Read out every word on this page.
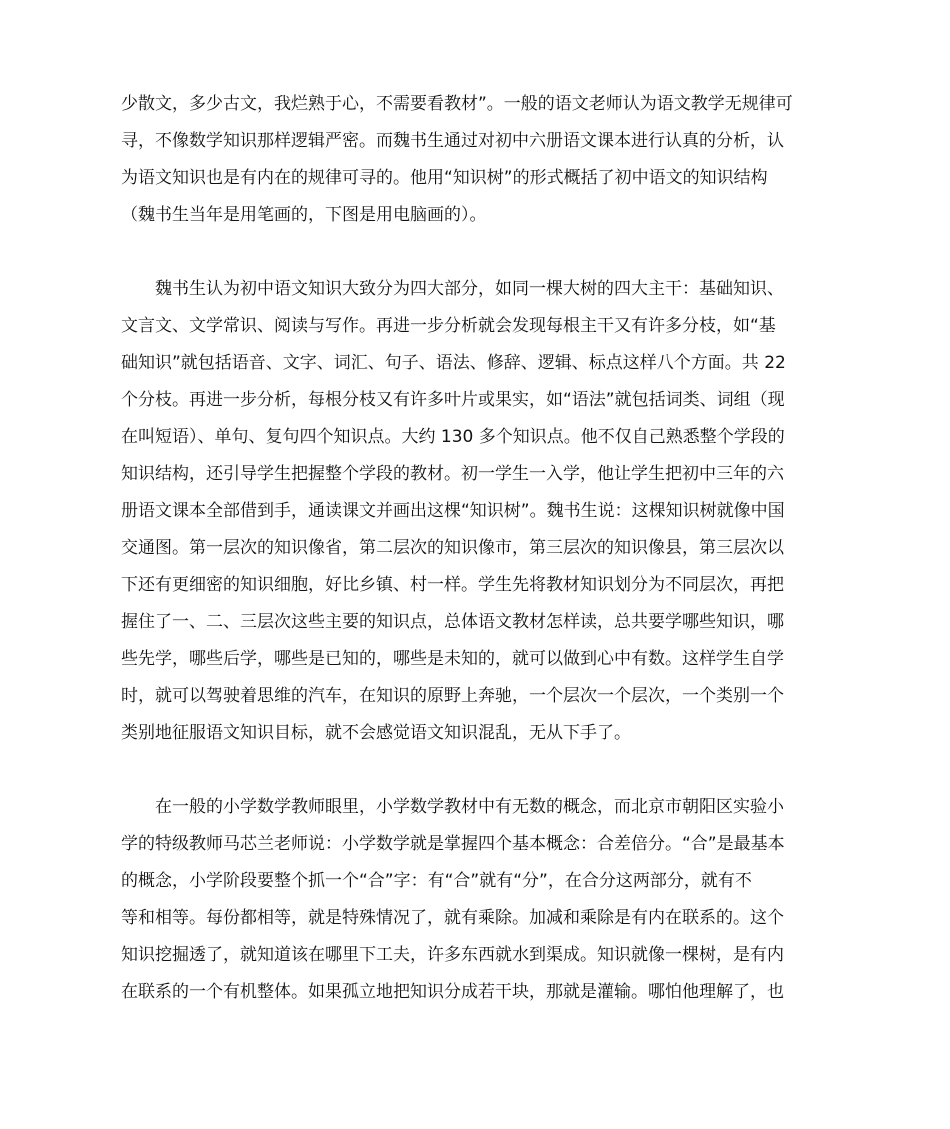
少散文，多少古文，我烂熟于心，不需要看教材”。一般的语文老师认为语文教学无规律可
寻，不像数学知识那样逻辑严密。而魏书生通过对初中六册语文课本进行认真的分析，认
为语文知识也是有内在的规律可寻的。他用“知识树”的形式概括了初中语文的知识结构
（魏书生当年是用笔画的，下图是用电脑画的）。
魏书生认为初中语文知识大致分为四大部分，如同一棵大树的四大主干：基础知识、
文言文、文学常识、阅读与写作。再进一步分析就会发现每根主干又有许多分枝，如“基
础知识”就包括语音、文字、词汇、句子、语法、修辞、逻辑、标点这样八个方面。共 22
个分枝。再进一步分析，每根分枝又有许多叶片或果实，如“语法”就包括词类、词组（现
在叫短语）、单句、复句四个知识点。大约 130 多个知识点。他不仅自己熟悉整个学段的
知识结构，还引导学生把握整个学段的教材。初一学生一入学，他让学生把初中三年的六
册语文课本全部借到手，通读课文并画出这棵“知识树”。魏书生说：这棵知识树就像中国
交通图。第一层次的知识像省，第二层次的知识像市，第三层次的知识像县，第三层次以
下还有更细密的知识细胞，好比乡镇、村一样。学生先将教材知识划分为不同层次，再把
握住了一、二、三层次这些主要的知识点，总体语文教材怎样读，总共要学哪些知识，哪
些先学，哪些后学，哪些是已知的，哪些是未知的，就可以做到心中有数。这样学生自学
时，就可以驾驶着思维的汽车，在知识的原野上奔驰，一个层次一个层次，一个类别一个
类别地征服语文知识目标，就不会感觉语文知识混乱，无从下手了。
在一般的小学数学教师眼里，小学数学教材中有无数的概念，而北京市朝阳区实验小
学的特级教师马芯兰老师说：小学数学就是掌握四个基本概念：合差倍分。“合”是最基本
的概念，小学阶段要整个抓一个“合”字：有“合”就有“分”，在合分这两部分，就有不
等和相等。每份都相等，就是特殊情况了，就有乘除。加减和乘除是有内在联系的。这个
知识挖掘透了，就知道该在哪里下工夫，许多东西就水到渠成。知识就像一棵树，是有内
在联系的一个有机整体。如果孤立地把知识分成若干块，那就是灌输。哪怕他理解了，也
